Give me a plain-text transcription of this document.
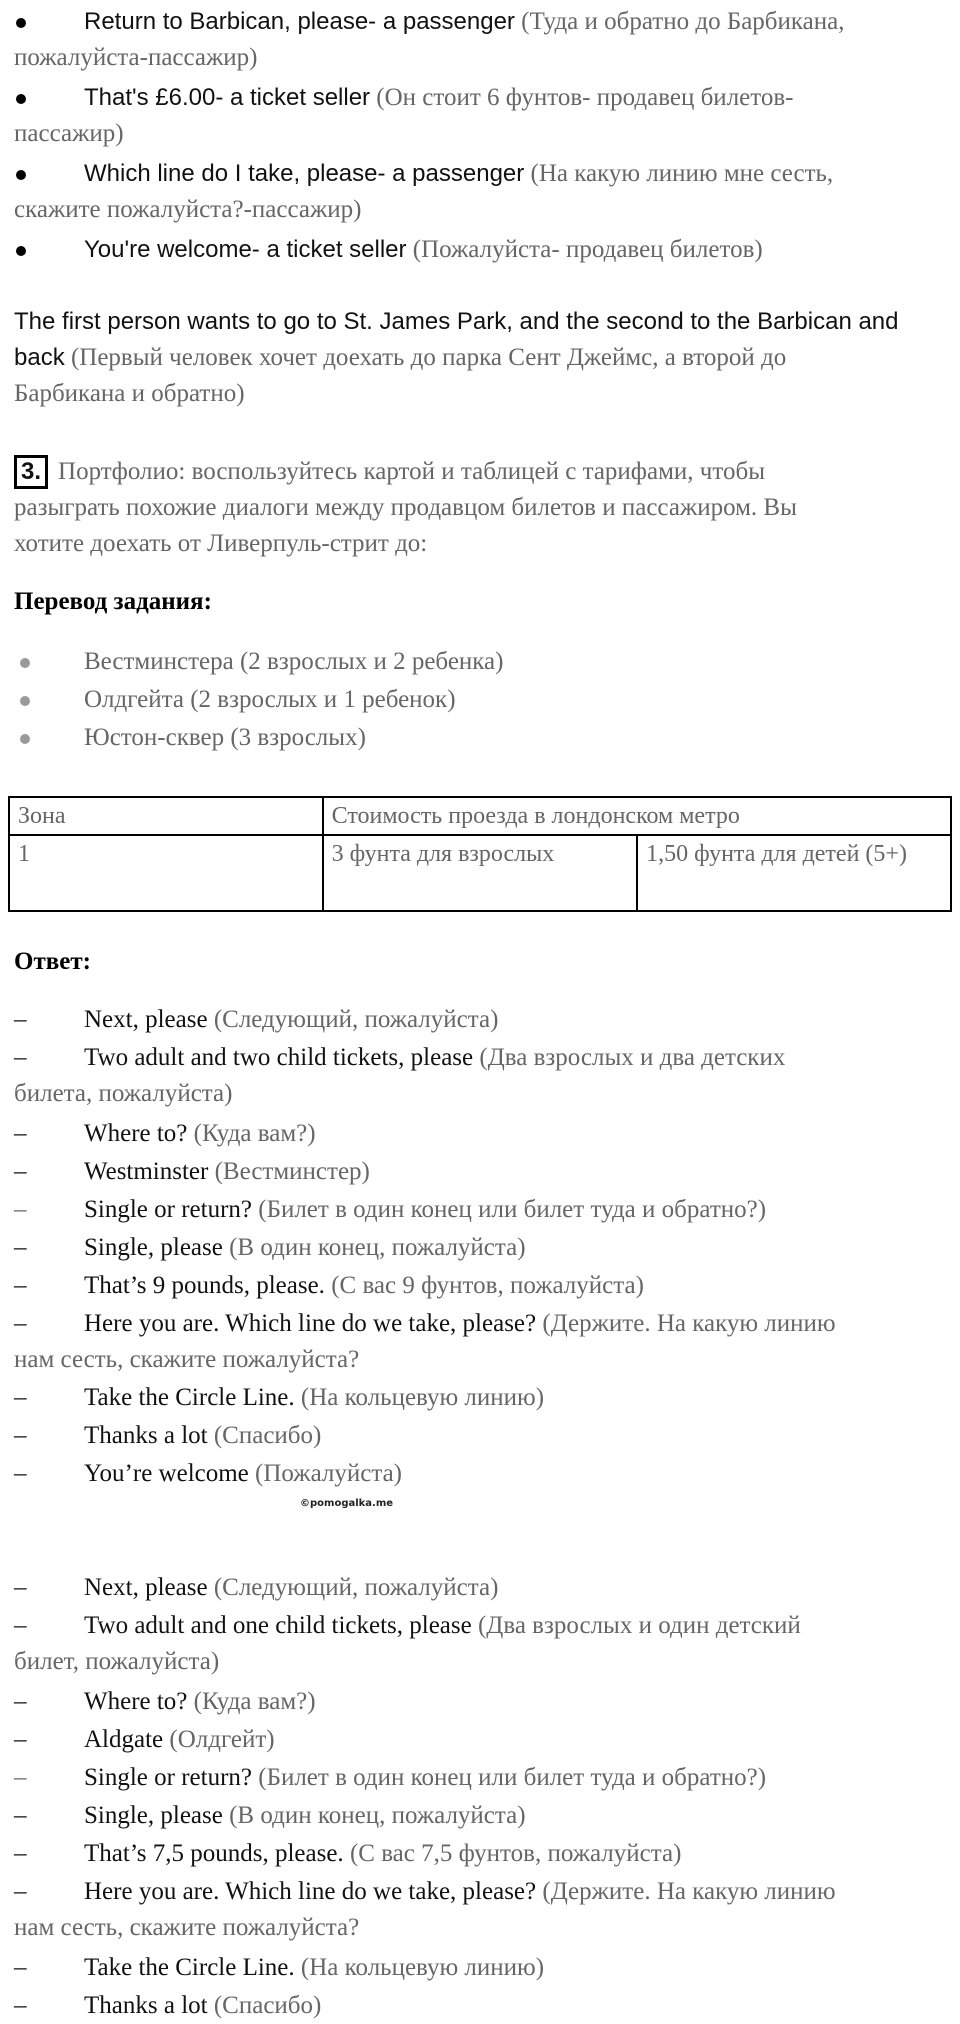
Return to Barbican, please- a passenger (Туда и обратно до Барбикана,
пожалуйста-пассажир)
That's £6.00- a ticket seller (Он стоит 6 фунтов- продавец билетов-
пассажир)
Which line do I take, please- a passenger (На какую линию мне сесть,
скажите пожалуйста?-пассажир)
You're welcome- a ticket seller (Пожалуйста- продавец билетов)
The first person wants to go to St. James Park, and the second to the Barbican and
back (Первый человек хочет доехать до парка Сент Джеймс, а второй до
Барбикана и обратно)
3. Портфолио: воспользуйтесь картой и таблицей с тарифами, чтобы
разыграть похожие диалоги между продавцом билетов и пассажиром. Вы
хотите доехать от Ливерпуль-стрит до:
Перевод задания:
Вестминстера (2 взрослых и 2 ребенка)
Олдгейта (2 взрослых и 1 ребенок)
Юстон-сквер (3 взрослых)
Зона	Стоимость проезда в лондонском метро	
1	3 фунта для взрослых	1,50 фунта для детей (5+)
Ответ:
– Next, please (Следующий, пожалуйста)
– Two adult and two child tickets, please (Два взрослых и два детских
билета, пожалуйста)
– Where to? (Куда вам?)
– Westminster (Вестминстер)
– Single or return? (Билет в один конец или билет туда и обратно?)
– Single, please (В один конец, пожалуйста)
– That’s 9 pounds, please. (С вас 9 фунтов, пожалуйста)
– Here you are. Which line do we take, please? (Держите. На какую линию
нам сесть, скажите пожалуйста?
– Take the Circle Line. (На кольцевую линию)
– Thanks a lot (Спасибо)
– You’re welcome (Пожалуйста)
©pomogalka.me
– Next, please (Следующий, пожалуйста)
– Two adult and one child tickets, please (Два взрослых и один детский
билет, пожалуйста)
– Where to? (Куда вам?)
– Aldgate (Олдгейт)
– Single or return? (Билет в один конец или билет туда и обратно?)
– Single, please (В один конец, пожалуйста)
– That’s 7,5 pounds, please. (С вас 7,5 фунтов, пожалуйста)
– Here you are. Which line do we take, please? (Держите. На какую линию
нам сесть, скажите пожалуйста?
– Take the Circle Line. (На кольцевую линию)
– Thanks a lot (Спасибо)
